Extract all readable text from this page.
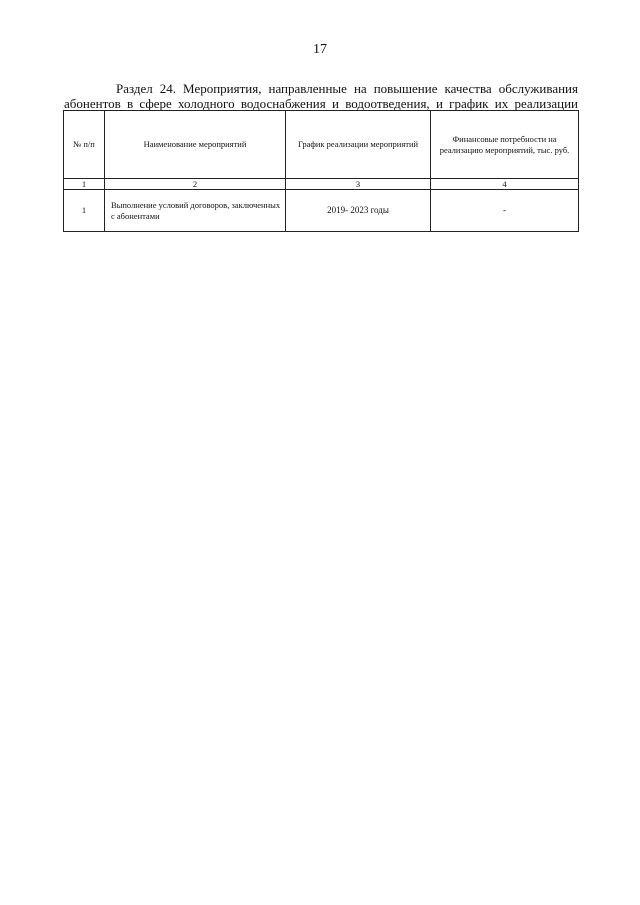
17
Раздел 24. Мероприятия, направленные на повышение качества обслуживания
абонентов в сфере холодного водоснабжения и водоотведения, и график их реализации
№ п/п	Наименование мероприятий	График реализации мероприятий	Финансовые потребности на реализацию мероприятий, тыс. руб.
1	2	3	4
1	Выполнение условий договоров, заключенных с абонентами	2019- 2023 годы	-
